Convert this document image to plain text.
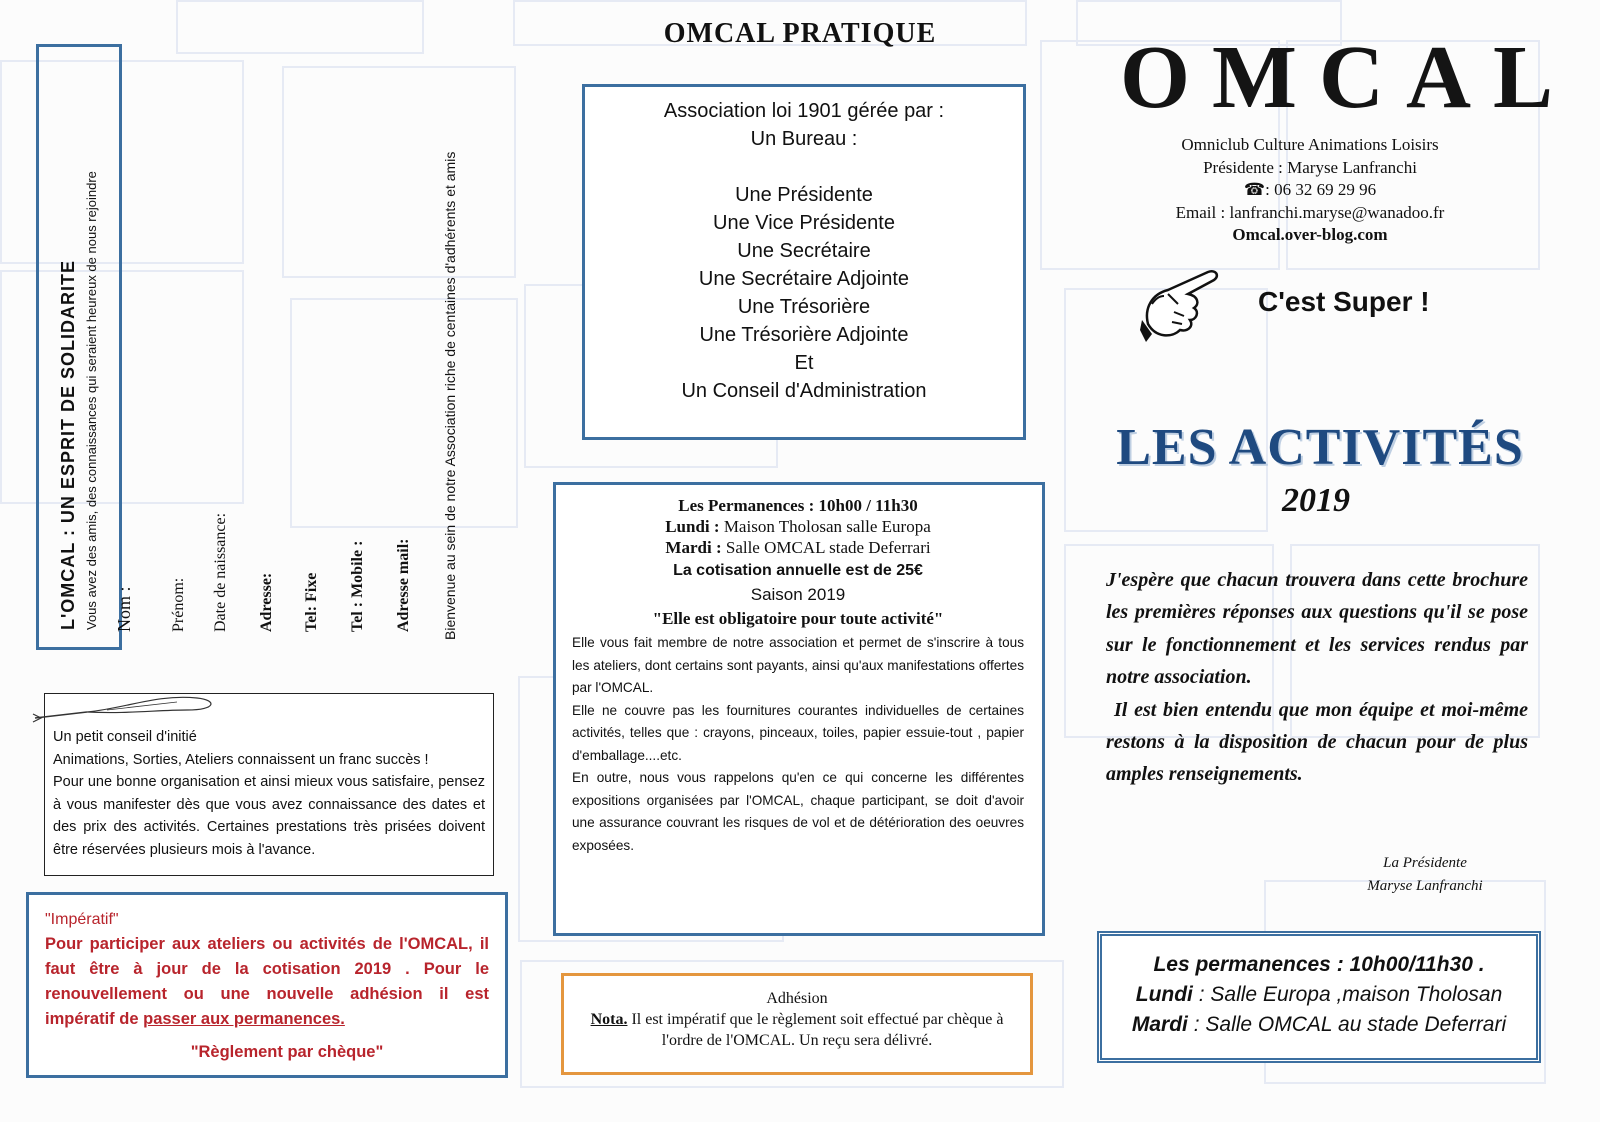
L'OMCAL : UN ESPRIT DE SOLIDARITE Vous avez des amis, des connaissances qui seraient heureux de nous rejoindre Nom : Prénom: Date de naissance: Adresse: Tel: Fixe Tel : Mobile : Adresse mail: Bienvenue au sein de notre Association riche de centaines d'adhérents et amis
Un petit conseil d'initié
Animations, Sorties, Ateliers connaissent un franc succès !
Pour une bonne organisation et ainsi mieux vous satisfaire, pensez à vous manifester dès que vous avez connaissance des dates et des prix des activités. Certaines prestations très prisées doivent être réservées plusieurs mois à l'avance.
"Impératif"
Pour participer aux ateliers ou activités de l'OMCAL, il faut être à jour de la cotisation 2019 . Pour le renouvellement ou une nouvelle adhésion il est impératif de passer aux permanences.
"Règlement par chèque"
OMCAL PRATIQUE
Association loi 1901 gérée par :
Un Bureau :
Une Présidente
Une Vice Présidente
Une Secrétaire
Une Secrétaire Adjointe
Une Trésorière
Une Trésorière Adjointe
Et
Un Conseil d'Administration
Les Permanences : 10h00 / 11h30
Lundi : Maison Tholosan salle Europa
Mardi : Salle OMCAL stade Deferrari
La cotisation annuelle est de 25€
Saison 2019
"Elle est obligatoire pour toute activité"
Elle vous fait membre de notre association et permet de s'inscrire à tous les ateliers, dont certains sont payants, ainsi qu'aux manifestations offertes par l'OMCAL.
Elle ne couvre pas les fournitures courantes individuelles de certaines activités, telles que : crayons, pinceaux, toiles, papier essuie-tout , papier d'emballage....etc.
En outre, nous vous rappelons qu'en ce qui concerne les différentes expositions organisées par l'OMCAL, chaque participant, se doit d'avoir une assurance couvrant les risques de vol et de détérioration des oeuvres exposées.
Adhésion
Nota. Il est impératif que le règlement soit effectué par chèque à l'ordre de l'OMCAL. Un reçu sera délivré.
OMCAL
Omniclub Culture Animations Loisirs
Présidente : Maryse Lanfranchi
☎: 06 32 69 29 96
Email : lanfranchi.maryse@wanadoo.fr
Omcal.over-blog.com
C'est Super !
LES ACTIVITÉS
2019
J'espère que chacun trouvera dans cette brochure les premières réponses aux questions qu'il se pose sur le fonctionnement et les services rendus par notre association.
Il est bien entendu que mon équipe et moi-même restons à la disposition de chacun pour de plus amples renseignements.
La Présidente
Maryse Lanfranchi
Les permanences : 10h00/11h30 .
Lundi : Salle Europa ,maison Tholosan
Mardi : Salle OMCAL au stade Deferrari
